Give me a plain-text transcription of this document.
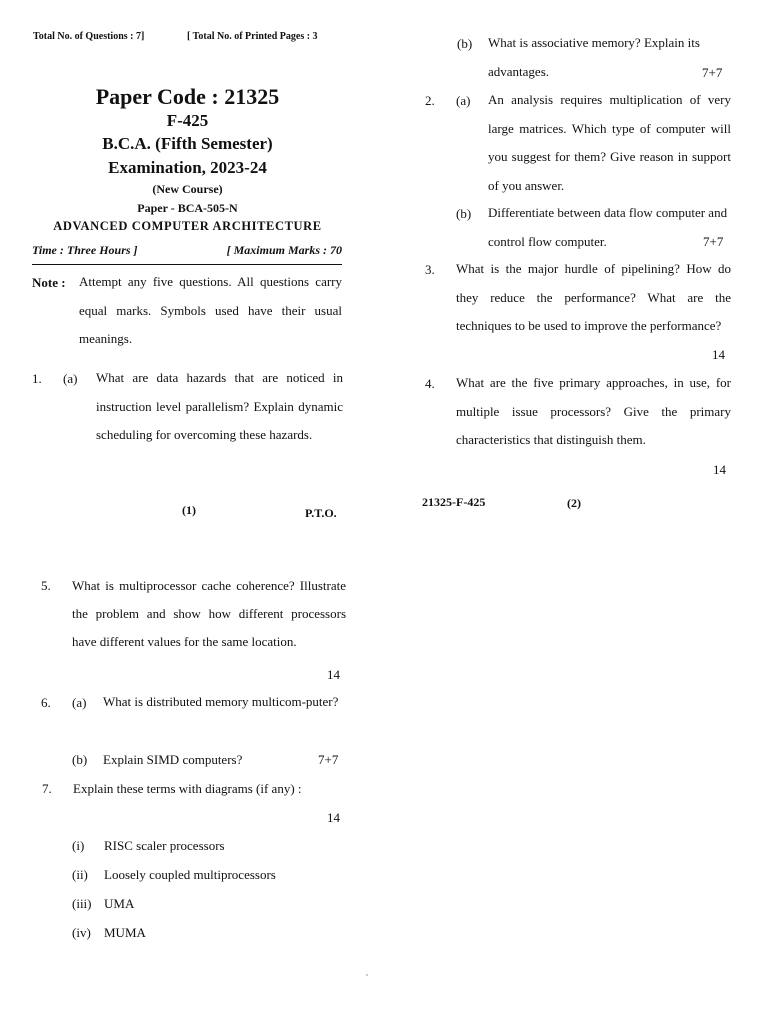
Total No. of Questions : 7]	[ Total No. of Printed Pages : 3
Paper Code : 21325
F-425
B.C.A. (Fifth Semester)
Examination, 2023-24
(New Course)
Paper - BCA-505-N
ADVANCED COMPUTER ARCHITECTURE
Time : Three Hours ]	[ Maximum Marks : 70
Note : Attempt any five questions. All questions carry equal marks. Symbols used have their usual meanings.
1. (a) What are data hazards that are noticed in instruction level parallelism? Explain dynamic scheduling for overcoming these hazards.
(1)	P.T.O.
(b) What is associative memory? Explain its advantages.	7+7
2. (a) An analysis requires multiplication of very large matrices. Which type of computer will you suggest for them? Give reason in support of you answer.
(b) Differentiate between data flow computer and control flow computer.	7+7
3. What is the major hurdle of pipelining? How do they reduce the performance? What are the techniques to be used to improve the performance?
14
4. What are the five primary approaches, in use, for multiple issue processors? Give the primary characteristics that distinguish them.
14
21325-F-425	(2)
5. What is multiprocessor cache coherence? Illustrate the problem and show how different processors have different values for the same location.
14
6. (a) What is distributed memory multicom-puter?
(b) Explain SIMD computers?	7+7
7. Explain these terms with diagrams (if any) :
14
(i) RISC scaler processors
(ii) Loosely coupled multiprocessors
(iii) UMA
(iv) MUMA
